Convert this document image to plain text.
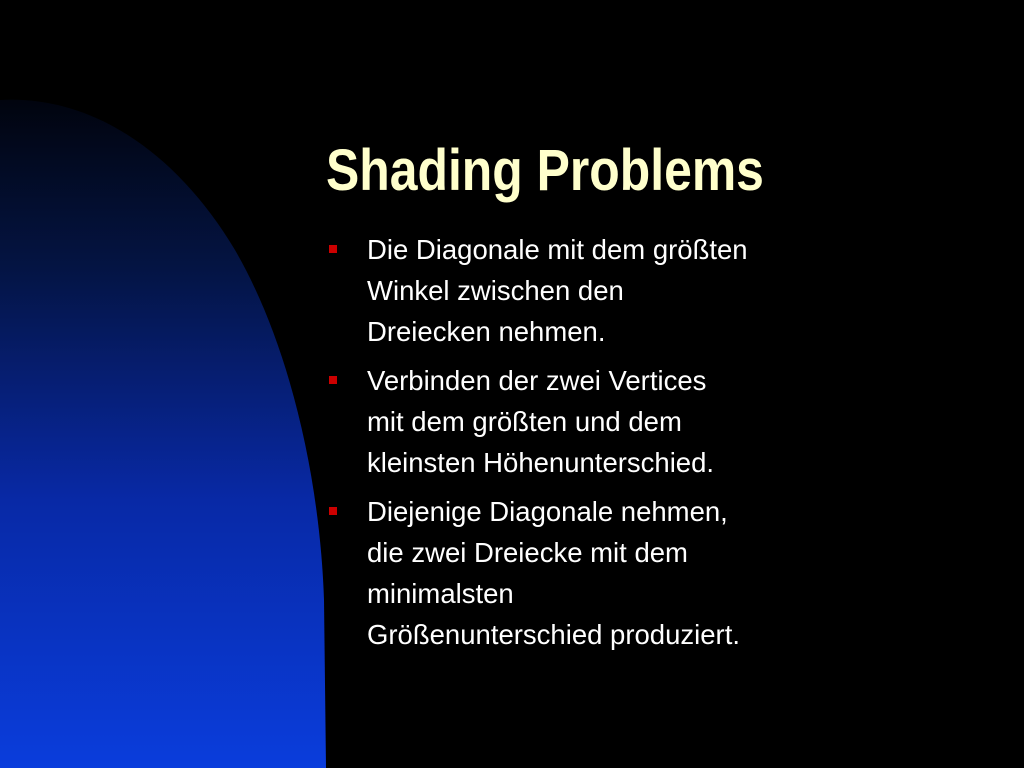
Shading Problems
Die Diagonale mit dem größten
Winkel zwischen den
Dreiecken nehmen.
Verbinden der zwei Vertices
mit dem größten und dem
kleinsten Höhenunterschied.
Diejenige Diagonale nehmen,
die zwei Dreiecke mit dem
minimalsten
Größenunterschied produziert.
